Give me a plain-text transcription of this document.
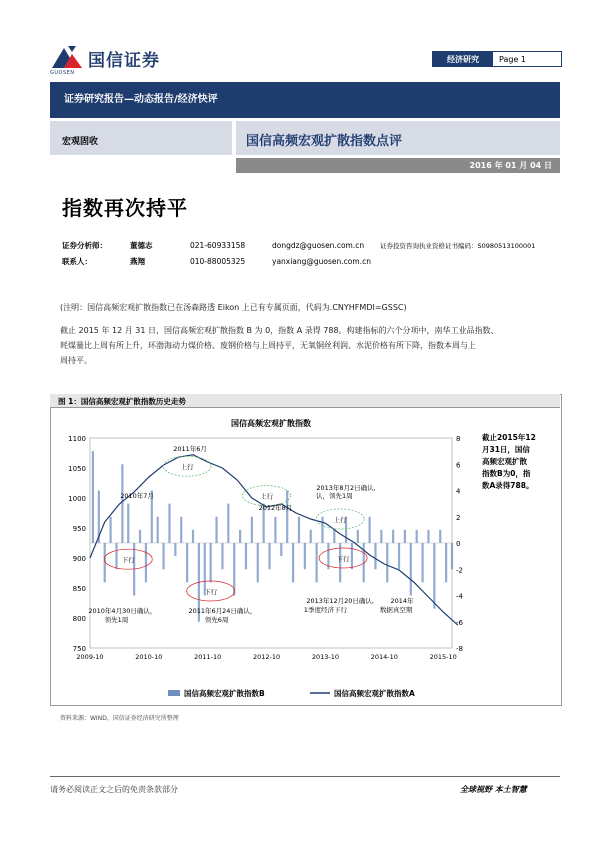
国信证券
GUOSEN
经济研究	Page 1
证券研究报告—动态报告/经济快评
宏观固收	国信高频宏观扩散指数点评
2016 年 01 月 04 日
指数再次持平
证券分析师：	董德志	021-60933158	dongdz@guosen.com.cn 证券投资咨询执业资格证书编码：S0980513100001
联系人：	燕翔	010-88005325	yanxiang@guosen.com.cn
(注明：国信高频宏观扩散指数已在汤森路透 Eikon 上已有专属页面，代码为.CNYHFMDI=GSSC)
截止 2015 年 12 月 31 日，国信高频宏观扩散指数 B 为 0，指数 A 录得 788。构建指标的六个分项中，南华工业品指数、
耗煤量比上周有所上升，环渤海动力煤价格、废钢价格与上周持平，无氧铜丝利润、水泥价格有所下降，指数本周与上
周持平。
图 1：国信高频宏观扩散指数历史走势
国信高频宏观扩散指数
750
800
850
900
950
1000
1050
1100
-8
-6
-4
-2
0
2
4
6
8
2009-10	2010-10	2011-10	2012-10	2013-10	2014-10	2015-10
2011年6月
上行
2010年7月	上行
2013年8月2日确认,
认，领先1周
2012年8月
上行
下行	下行
下行
2013年12月20日确认,
1季度经济下行
2014年
数据真空期
2010年4月30日确认，
领先1周
2011年6月24日确认，
领先6周
截止2015年12
月31日，国信
高频宏观扩散
指数B为0，指
数A录得788。
国信高频宏观扩散指数B	国信高频宏观扩散指数A
资料来源：WIND、国信证券经济研究所整理
请务必阅读正文之后的免责条款部分	全球视野 本土智慧
